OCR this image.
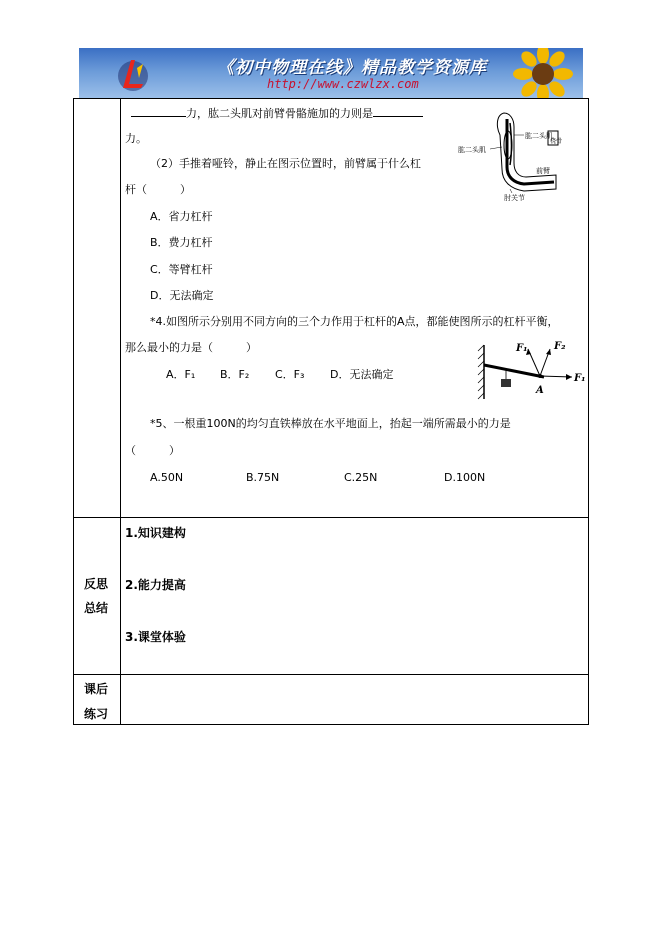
《初中物理在线》精品教学资源库
http://www.czwlzx.com
力，肱二头肌对前臂骨骼施加的力则是
力。
（2）手推着哑铃，静止在图示位置时，前臂属于什么杠
杆（　　　）
A．省力杠杆
B．费力杠杆
C．等臂杠杆
D．无法确定
肱二头肌
肱二头肌
桡骨
前臂
肘关节
*4.如图所示分别用不同方向的三个力作用于杠杆的A点，都能使图所示的杠杆平衡，
那么最小的力是（　　　）
A．F₁ B．F₂ C．F₃ D．无法确定
F₁	F₂
F₁
A
*5、一根重100N的均匀直铁棒放在水平地面上，抬起一端所需最小的力是
（　　　）
A.50N	B.75N	C.25N	D.100N
反思
总结
1.知识建构
2.能力提高
3.课堂体验
课后
练习
